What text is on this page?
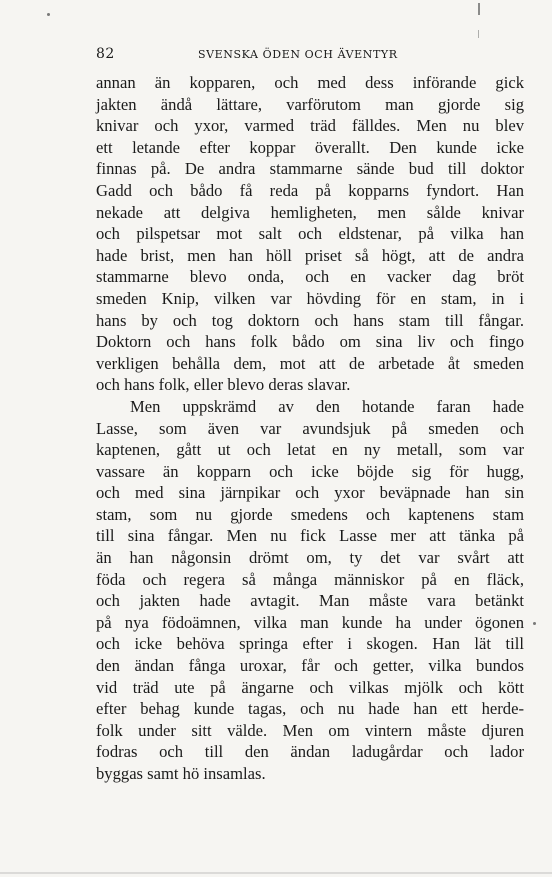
82	SVENSKA ÖDEN OCH ÄVENTYR
annan än kopparen, och med dess införande gick
jakten ändå lättare, varförutom man gjorde sig
knivar och yxor, varmed träd fälldes. Men nu blev
ett letande efter koppar överallt. Den kunde icke
finnas på. De andra stammarne sände bud till doktor
Gadd och bådo få reda på kopparns fyndort. Han
nekade att delgiva hemligheten, men sålde knivar
och pilspetsar mot salt och eldstenar, på vilka han
hade brist, men han höll priset så högt, att de andra
stammarne blevo onda, och en vacker dag bröt
smeden Knip, vilken var hövding för en stam, in i
hans by och tog doktorn och hans stam till fångar.
Doktorn och hans folk bådo om sina liv och fingo
verkligen behålla dem, mot att de arbetade åt smeden
och hans folk, eller blevo deras slavar.
Men uppskrämd av den hotande faran hade
Lasse, som även var avundsjuk på smeden och
kaptenen, gått ut och letat en ny metall, som var
vassare än kopparn och icke böjde sig för hugg,
och med sina järnpikar och yxor beväpnade han sin
stam, som nu gjorde smedens och kaptenens stam
till sina fångar. Men nu fick Lasse mer att tänka på
än han någonsin drömt om, ty det var svårt att
föda och regera så många människor på en fläck,
och jakten hade avtagit. Man måste vara betänkt
på nya födoämnen, vilka man kunde ha under ögonen
och icke behöva springa efter i skogen. Han lät till
den ändan fånga uroxar, får och getter, vilka bundos
vid träd ute på ängarne och vilkas mjölk och kött
efter behag kunde tagas, och nu hade han ett herde-
folk under sitt välde. Men om vintern måste djuren
fodras och till den ändan ladugårdar och lador
byggas samt hö insamlas.
